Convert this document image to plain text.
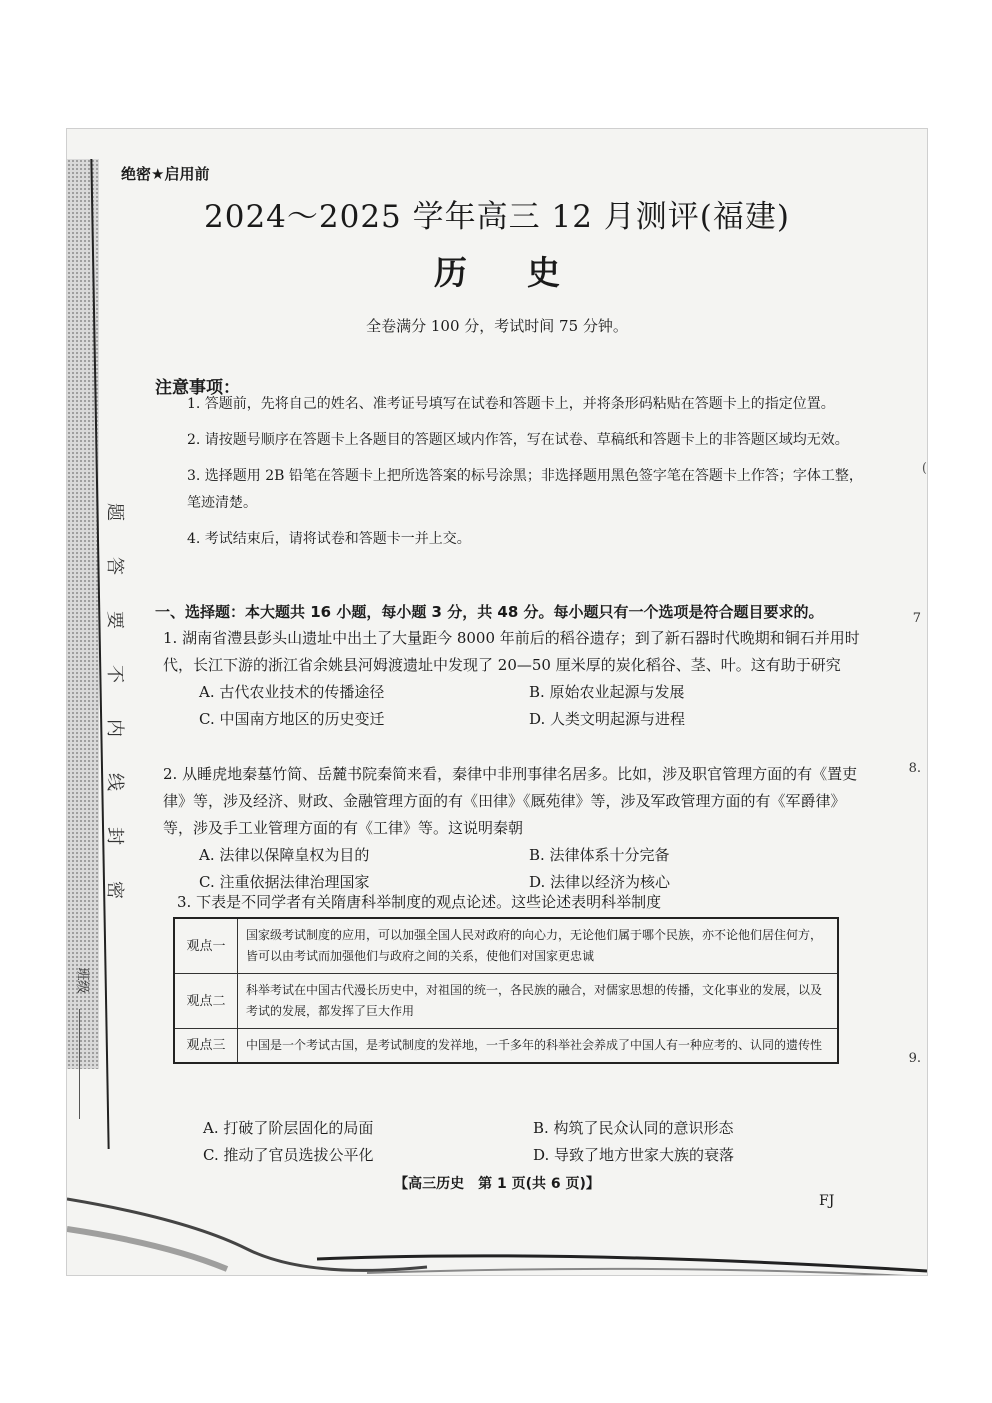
题
答
要
不
内
线
封
密
班级
绝密★启用前
2024～2025 学年高三 12 月测评(福建)
历史
全卷满分 100 分，考试时间 75 分钟。
注意事项：

1. 答题前，先将自己的姓名、准考证号填写在试卷和答题卡上，并将条形码粘贴在答题卡上的指定位置。

2. 请按题号顺序在答题卡上各题目的答题区域内作答，写在试卷、草稿纸和答题卡上的非答题区域均无效。

3. 选择题用 2B 铅笔在答题卡上把所选答案的标号涂黑；非选择题用黑色签字笔在答题卡上作答；字体工整，笔迹清楚。

4. 考试结束后，请将试卷和答题卡一并上交。

一、选择题：本大题共 16 小题，每小题 3 分，共 48 分。每小题只有一个选项是符合题目要求的。

1. 湖南省澧县彭头山遗址中出土了大量距今 8000 年前后的稻谷遗存；到了新石器时代晚期和铜石并用时代，长江下游的浙江省余姚县河姆渡遗址中发现了 20—50 厘米厚的炭化稻谷、茎、叶。这有助于研究

A. 古代农业技术的传播途径	B. 原始农业起源与发展
C. 中国南方地区的历史变迁	D. 人类文明起源与进程

2. 从睡虎地秦墓竹简、岳麓书院秦简来看，秦律中非刑事律名居多。比如，涉及职官管理方面的有《置吏律》等，涉及经济、财政、金融管理方面的有《田律》《厩苑律》等，涉及军政管理方面的有《军爵律》等，涉及手工业管理方面的有《工律》等。这说明秦朝

A. 法律以保障皇权为目的	B. 法律体系十分完备
C. 注重依据法律治理国家	D. 法律以经济为核心
3. 下表是不同学者有关隋唐科举制度的观点论述。这些论述表明科举制度
观点一	国家级考试制度的应用，可以加强全国人民对政府的向心力，无论他们属于哪个民族，亦不论他们居住何方，皆可以由考试而加强他们与政府之间的关系，使他们对国家更忠诚
观点二	科举考试在中国古代漫长历史中，对祖国的统一，各民族的融合，对儒家思想的传播，文化事业的发展，以及考试的发展，都发挥了巨大作用
观点三	中国是一个考试古国，是考试制度的发祥地，一千多年的科举社会养成了中国人有一种应考的、认同的遗传性
A. 打破了阶层固化的局面	B. 构筑了民众认同的意识形态
C. 推动了官员选拔公平化	D. 导致了地方世家大族的衰落
【高三历史　第 1 页(共 6 页)】
FJ
7
8.
9.
(
